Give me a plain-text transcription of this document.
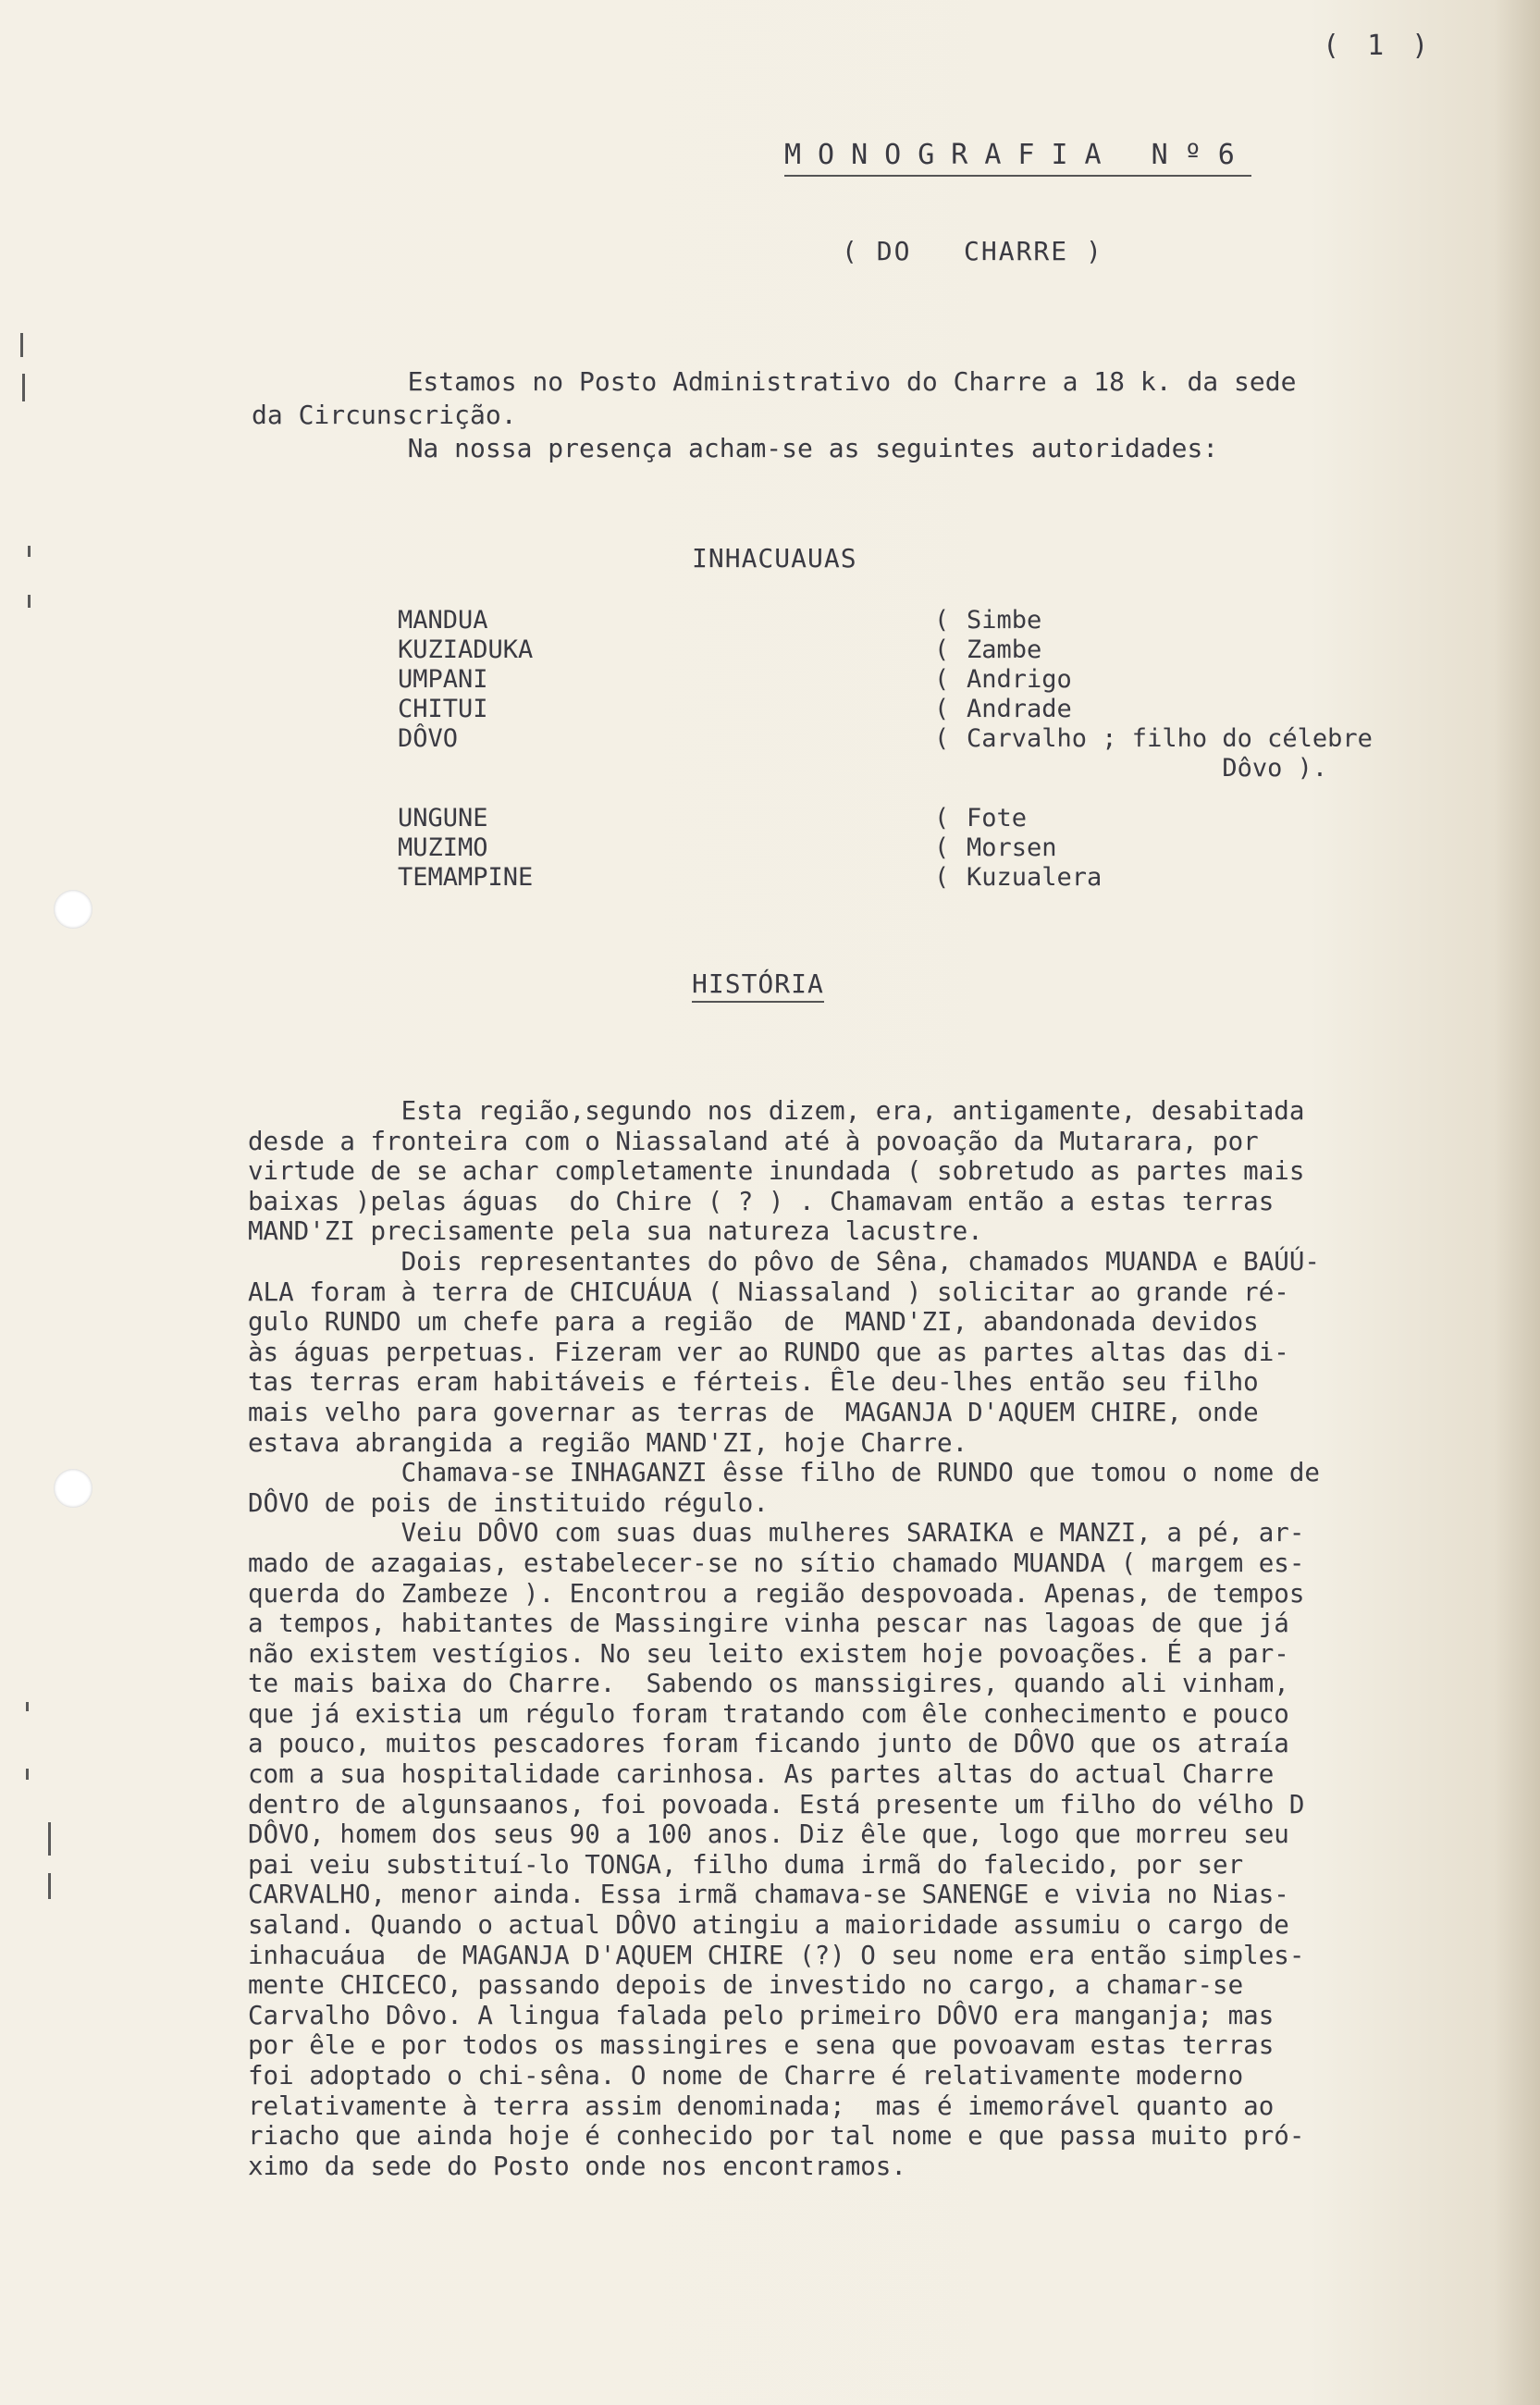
( 1 )
MONOGRAFIA Nº6
( DO   CHARRE )

Estamos no Posto Administrativo do Charre a 18 k. da sede

da Circunscrição.

Na nossa presença acham-se as seguintes autoridades:

INHACUAUAS
MANDUA	( Simbe
KUZIADUKA	( Zambe
UMPANI	( Andrigo
CHITUI	( Andrade
DÔVO	( Carvalho ; filho do célebre
Dôvo ).
UNGUNE	( Fote
MUZIMO	( Morsen
TEMAMPINE	( Kuzualera
HISTÓRIA
Esta região,segundo nos dizem, era, antigamente, desabitada
desde a fronteira com o Niassaland até à povoação da Mutarara, por
virtude de se achar completamente inundada ( sobretudo as partes mais
baixas )pelas águas  do Chire ( ? ) . Chamavam então a estas terras
MAND'ZI precisamente pela sua natureza lacustre.
Dois representantes do pôvo de Sêna, chamados MUANDA e BAÚÚ-
ALA foram à terra de CHICUÁUA ( Niassaland ) solicitar ao grande ré-
gulo RUNDO um chefe para a região  de  MAND'ZI, abandonada devidos
às águas perpetuas. Fizeram ver ao RUNDO que as partes altas das di-
tas terras eram habitáveis e férteis. Êle deu-lhes então seu filho
mais velho para governar as terras de  MAGANJA D'AQUEM CHIRE, onde
estava abrangida a região MAND'ZI, hoje Charre.
Chamava-se INHAGANZI êsse filho de RUNDO que tomou o nome de
DÔVO de pois de instituido régulo.
Veiu DÔVO com suas duas mulheres SARAIKA e MANZI, a pé, ar-
mado de azagaias, estabelecer-se no sítio chamado MUANDA ( margem es-
querda do Zambeze ). Encontrou a região despovoada. Apenas, de tempos
a tempos, habitantes de Massingire vinha pescar nas lagoas de que já
não existem vestígios. No seu leito existem hoje povoações. É a par-
te mais baixa do Charre.  Sabendo os manssigires, quando ali vinham,
que já existia um régulo foram tratando com êle conhecimento e pouco
a pouco, muitos pescadores foram ficando junto de DÔVO que os atraía
com a sua hospitalidade carinhosa. As partes altas do actual Charre
dentro de algunsaanos, foi povoada. Está presente um filho do vélho D
DÔVO, homem dos seus 90 a 100 anos. Diz êle que, logo que morreu seu
pai veiu substituí-lo TONGA, filho duma irmã do falecido, por ser
CARVALHO, menor ainda. Essa irmã chamava-se SANENGE e vivia no Nias-
saland. Quando o actual DÔVO atingiu a maioridade assumiu o cargo de
inhacuáua  de MAGANJA D'AQUEM CHIRE (?) O seu nome era então simples-
mente CHICECO, passando depois de investido no cargo, a chamar-se
Carvalho Dôvo. A lingua falada pelo primeiro DÔVO era manganja; mas
por êle e por todos os massingires e sena que povoavam estas terras
foi adoptado o chi-sêna. O nome de Charre é relativamente moderno
relativamente à terra assim denominada;  mas é imemorável quanto ao
riacho que ainda hoje é conhecido por tal nome e que passa muito pró-
ximo da sede do Posto onde nos encontramos.
